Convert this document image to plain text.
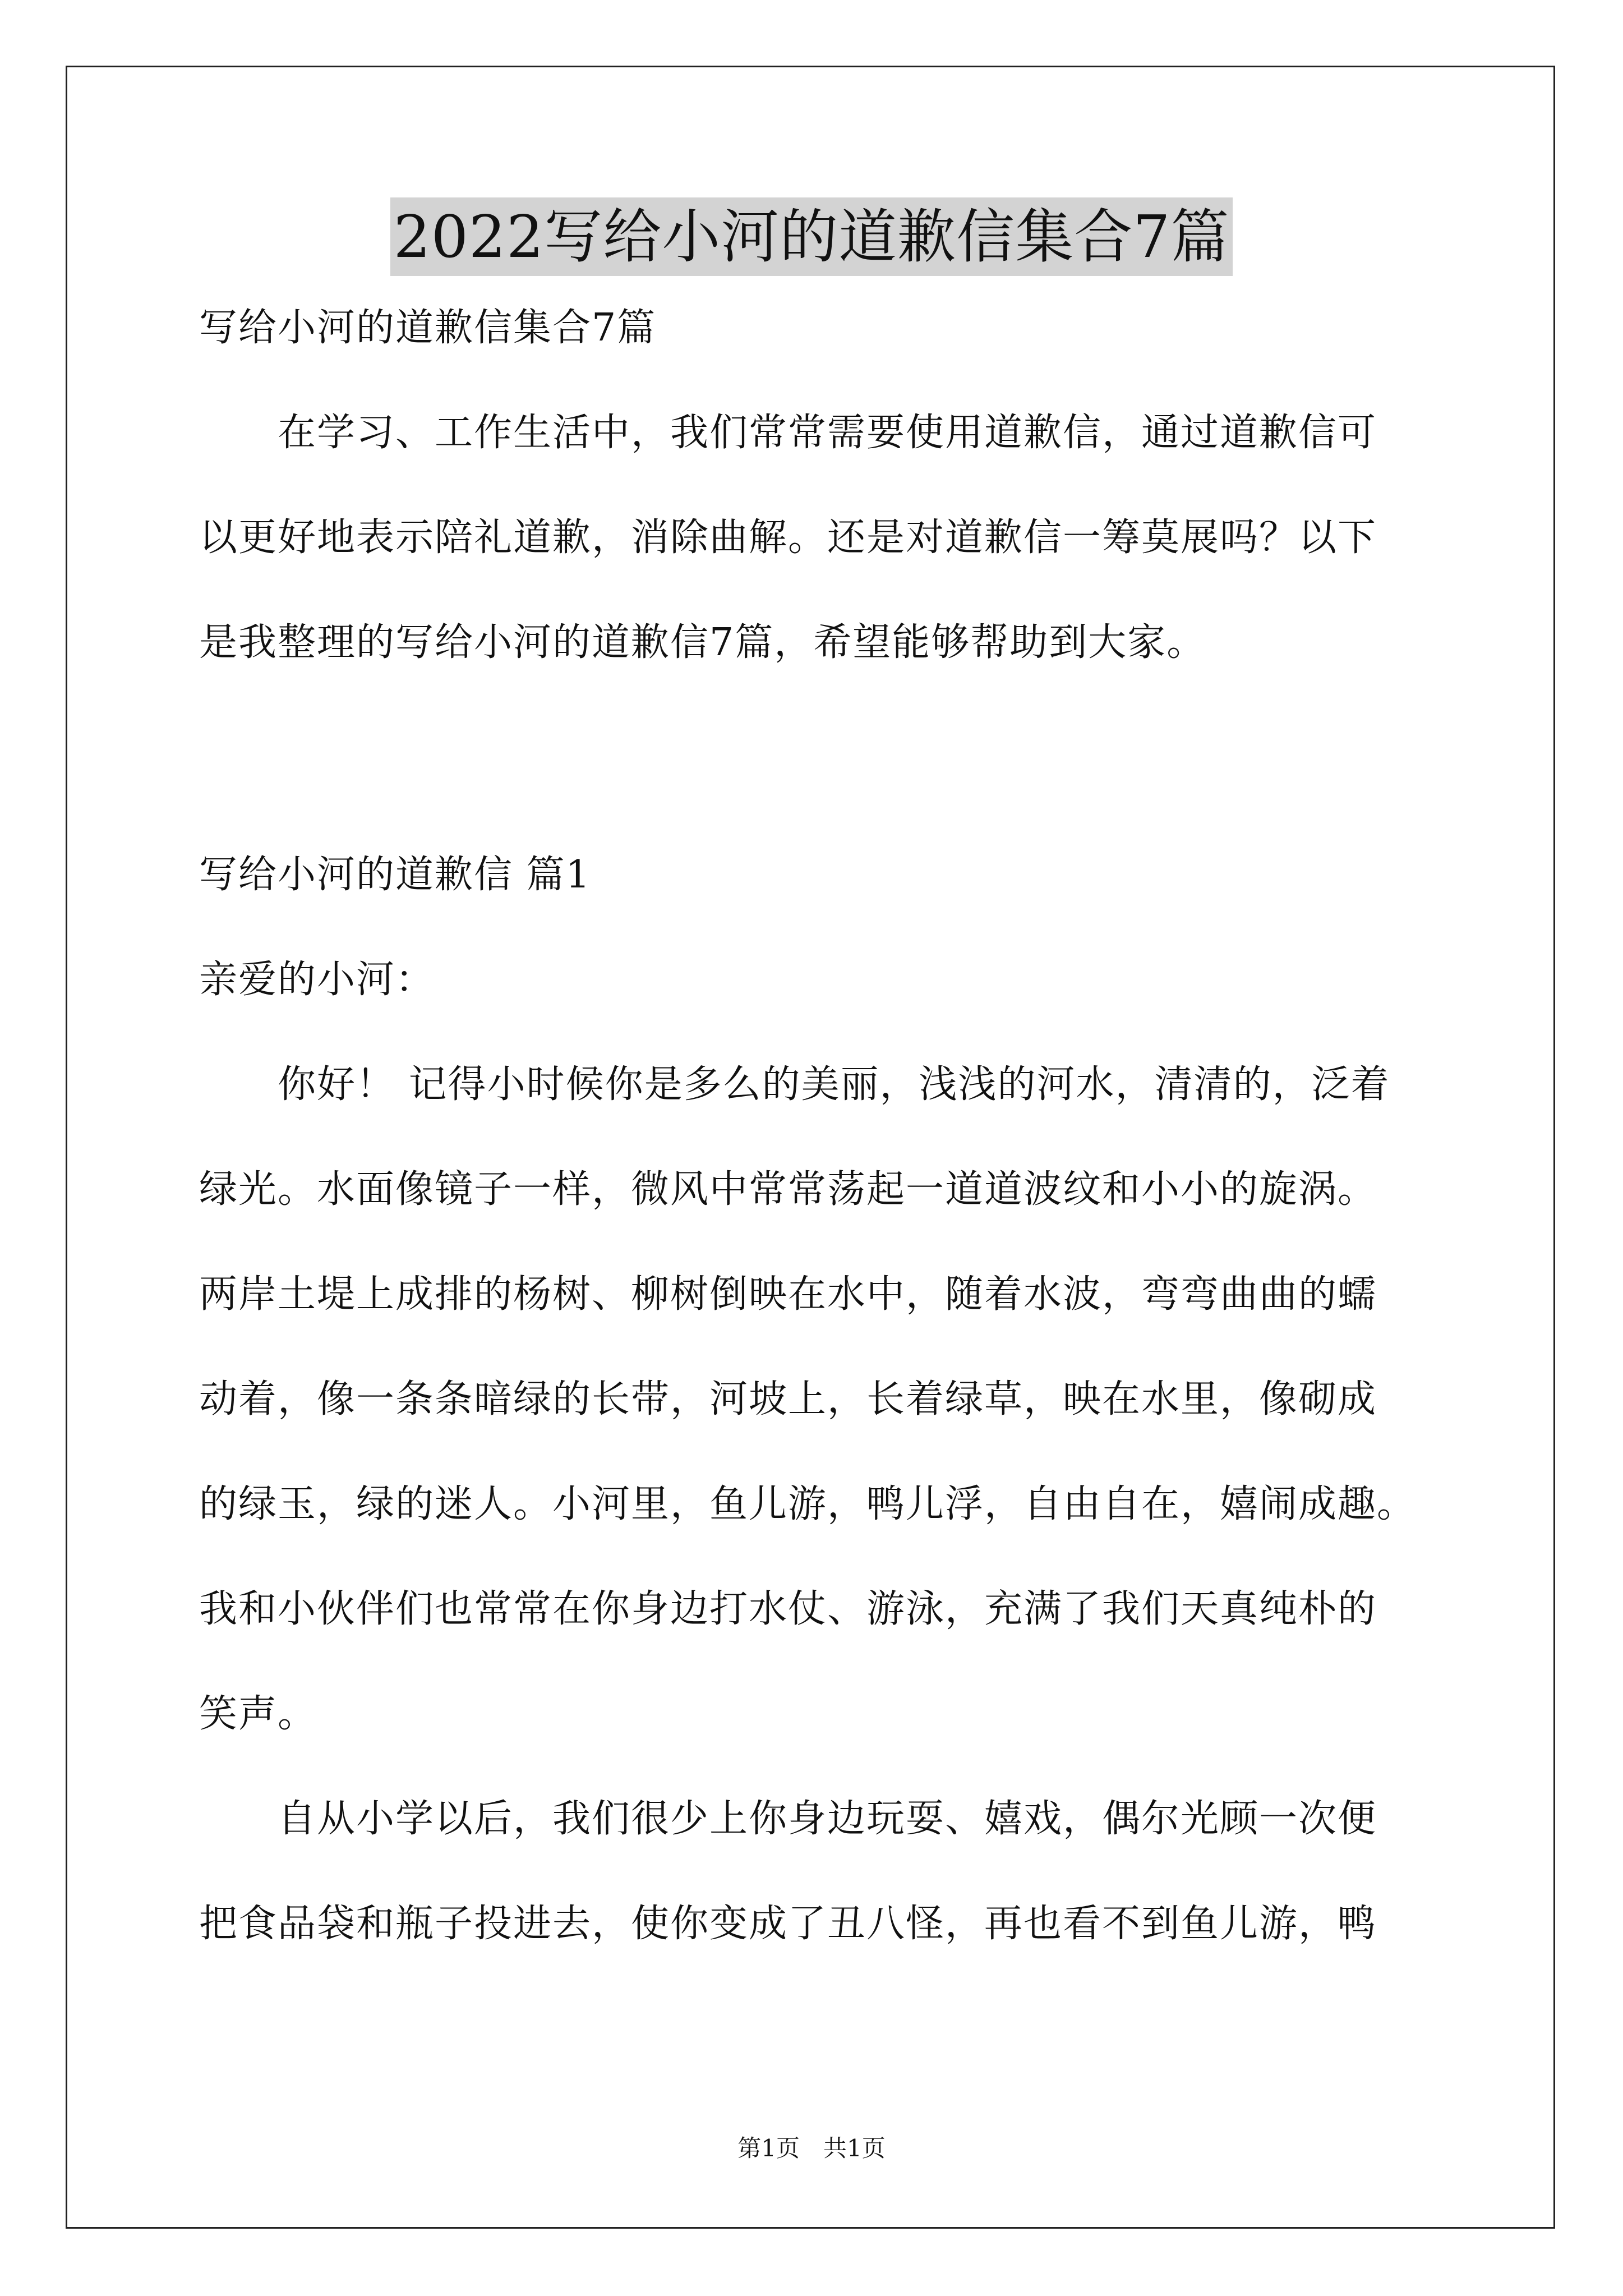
2022写给小河的道歉信集合7篇
写给小河的道歉信集合7篇
　　在学习、工作生活中，我们常常需要使用道歉信，通过道歉信可
以更好地表示陪礼道歉，消除曲解。还是对道歉信一筹莫展吗？以下
是我整理的写给小河的道歉信7篇，希望能够帮助到大家。
写给小河的道歉信 篇1
亲爱的小河：
　　你好！ 记得小时候你是多么的美丽，浅浅的河水，清清的，泛着
绿光。水面像镜子一样，微风中常常荡起一道道波纹和小小的旋涡。
两岸土堤上成排的杨树、柳树倒映在水中，随着水波，弯弯曲曲的蠕
动着，像一条条暗绿的长带，河坡上，长着绿草，映在水里，像砌成
的绿玉，绿的迷人。小河里，鱼儿游，鸭儿浮，自由自在，嬉闹成趣。
我和小伙伴们也常常在你身边打水仗、游泳，充满了我们天真纯朴的
笑声。
　　自从小学以后，我们很少上你身边玩耍、嬉戏，偶尔光顾一次便
把食品袋和瓶子投进去，使你变成了丑八怪，再也看不到鱼儿游，鸭
第1页　共1页
